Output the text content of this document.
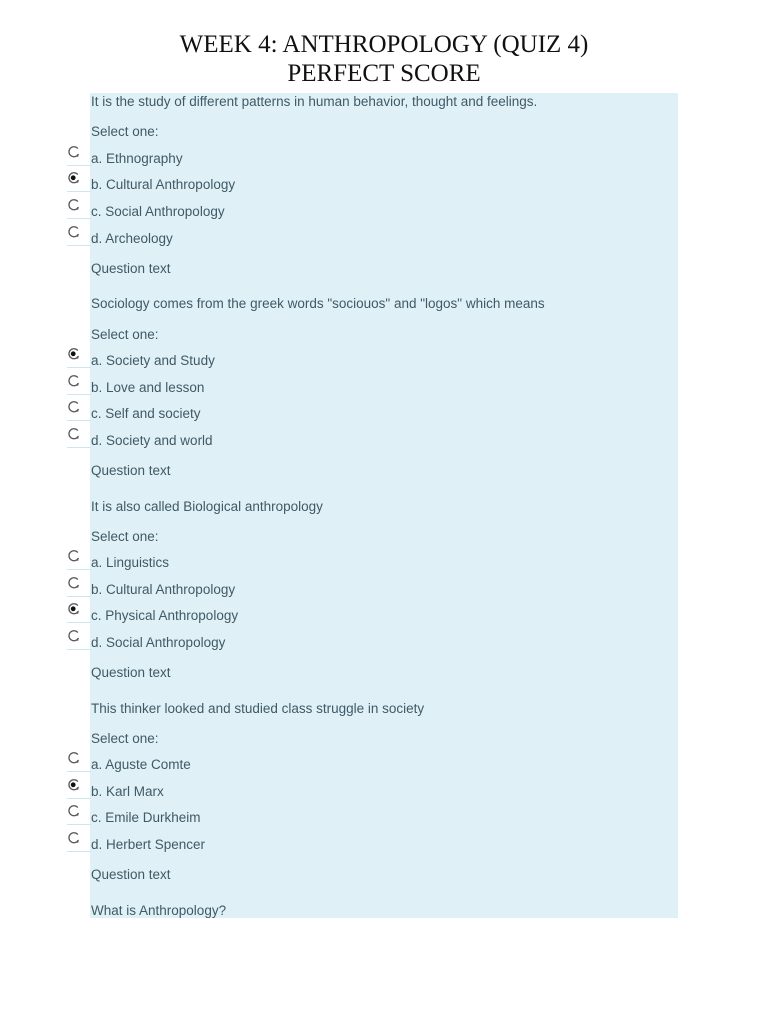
WEEK 4: ANTHROPOLOGY (QUIZ 4)
PERFECT SCORE
It is the study of different patterns in human behavior, thought and feelings.
Select one:
a. Ethnography
b. Cultural Anthropology
c. Social Anthropology
d. Archeology
Question text
Sociology comes from the greek words "sociouos" and "logos" which means
Select one:
a. Society and Study
b. Love and lesson
c. Self and society
d. Society and world
Question text
It is also called Biological anthropology
Select one:
a. Linguistics
b. Cultural Anthropology
c. Physical Anthropology
d. Social Anthropology
Question text
This thinker looked and studied class struggle in society
Select one:
a. Aguste Comte
b. Karl Marx
c. Emile Durkheim
d. Herbert Spencer
Question text
What is Anthropology?
